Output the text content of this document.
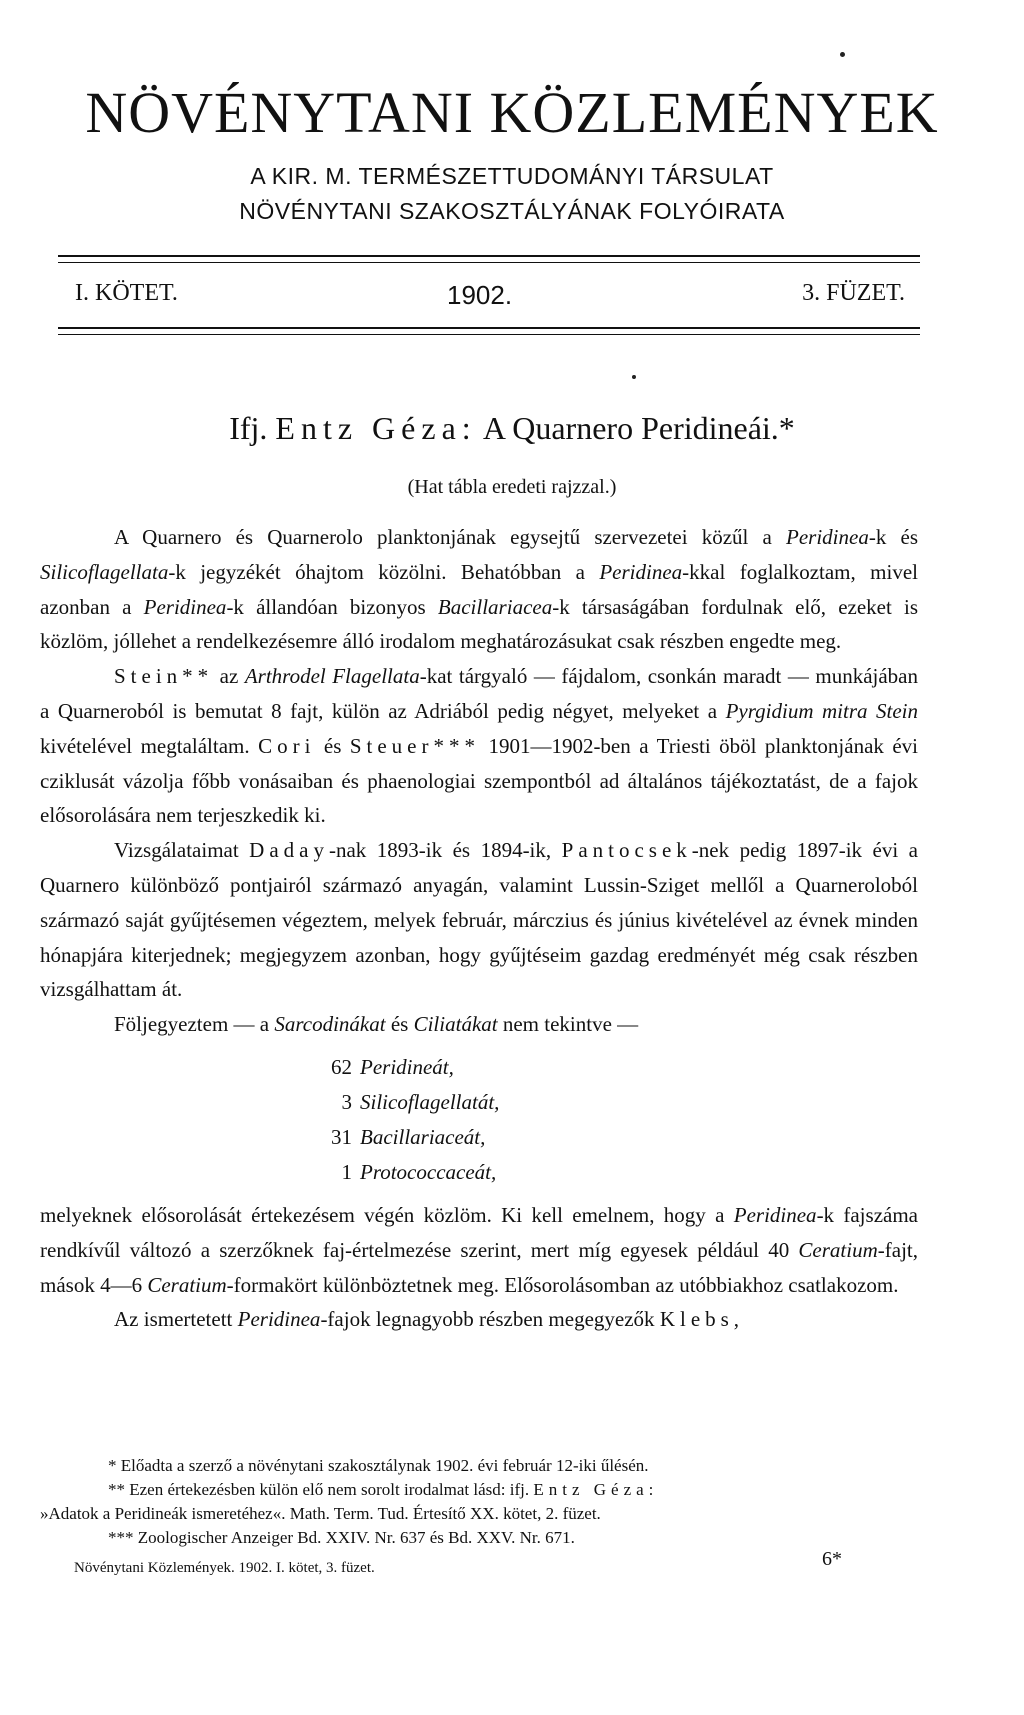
NÖVÉNYTANI KÖZLEMÉNYEK
A KIR. M. TERMÉSZETTUDOMÁNYI TÁRSULAT
NÖVÉNYTANI SZAKOSZTÁLYÁNAK FOLYÓIRATA
I. KÖTET.	1902.	3. FÜZET.
Ifj. Entz Géza: A Quarnero Peridineái.*
(Hat tábla eredeti rajzzal.)

A Quarnero és Quarnerolo planktonjának egysejtű szervezetei közűl a Peridinea-k és Silicoflagellata-k jegyzékét óhajtom közölni. Behatóbban a Peridinea-kkal foglalkoztam, mivel azonban a Peridinea-k állandóan bizonyos Bacillariacea-k társaságában fordulnak elő, ezeket is közlöm, jóllehet a rendelkezésemre álló irodalom meghatározásukat csak részben engedte meg.

Stein** az Arthrodel Flagellata-kat tárgyaló — fájdalom, csonkán maradt — munkájában a Quarneroból is bemutat 8 fajt, külön az Adriából pedig négyet, melyeket a Pyrgidium mitra Stein kivételével megtaláltam. Cori és Steuer*** 1901—1902-ben a Triesti öböl planktonjának évi cziklusát vázolja főbb vonásaiban és phaenologiai szempontból ad általános tájékoztatást, de a fajok elősorolására nem terjeszkedik ki.

Vizsgálataimat Daday-nak 1893-ik és 1894-ik, Pantocsek-nek pedig 1897-ik évi a Quarnero különböző pontjairól származó anyagán, valamint Lussin-Sziget mellől a Quarneroloból származó saját gyűjtésemen végeztem, melyek február, márczius és június kivételével az évnek minden hónapjára kiterjednek; megjegyzem azonban, hogy gyűjtéseim gazdag eredményét még csak részben vizsgálhattam át.

Följegyeztem — a Sarcodinákat és Ciliatákat nem tekintve —

62 Peridineát,
3 Silicoflagellatát,
31 Bacillariaceát,
1 Protococcaceát,

melyeknek elősorolását értekezésem végén közlöm. Ki kell emelnem, hogy a Peridinea-k fajszáma rendkívűl változó a szerzőknek faj-értelmezése szerint, mert míg egyesek például 40 Ceratium-fajt, mások 4—6 Ceratium-formakört különböztetnek meg. Elősorolásomban az utóbbiakhoz csatlakozom.

Az ismertetett Peridinea-fajok legnagyobb részben megegyezők Klebs,

* Előadta a szerző a növénytani szakosztálynak 1902. évi február 12-iki űlésén.

** Ezen értekezésben külön elő nem sorolt irodalmat lásd: ifj. Entz Géza:

»Adatok a Peridineák ismeretéhez«. Math. Term. Tud. Értesítő XX. kötet, 2. füzet.

*** Zoologischer Anzeiger Bd. XXIV. Nr. 637 és Bd. XXV. Nr. 671.

Növénytani Közlemények. 1902. I. kötet, 3. füzet.	6*
